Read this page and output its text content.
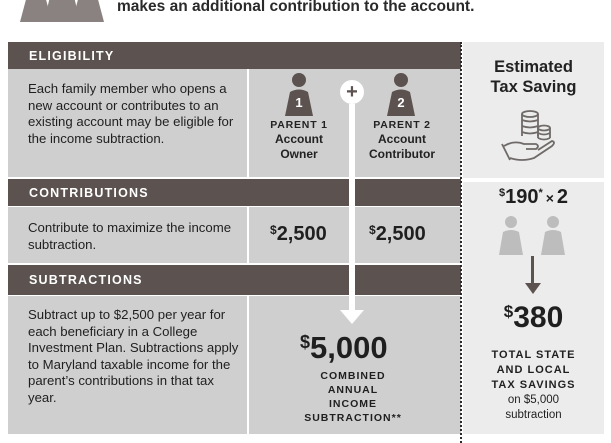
makes an additional contribution to the account.
ELIGIBILITY
CONTRIBUTIONS
SUBTRACTIONS
Each family member who opens a new account or contributes to an existing account may be eligible for the income subtraction.
Contribute to maximize the income subtraction.
Subtract up to $2,500 per year for each beneficiary in a College Investment Plan. Subtractions apply to Maryland taxable income for the parent’s contributions in that tax year.
1
PARENT 1
Account
Owner
2
PARENT 2
Account
Contributor
+
$2,500	$2,500
$5,000
COMBINED
ANNUAL
INCOME
SUBTRACTION**
Estimated
Tax Saving
$190* × 2
$380
TOTAL STATE
AND LOCAL
TAX SAVINGS
on $5,000
subtraction
